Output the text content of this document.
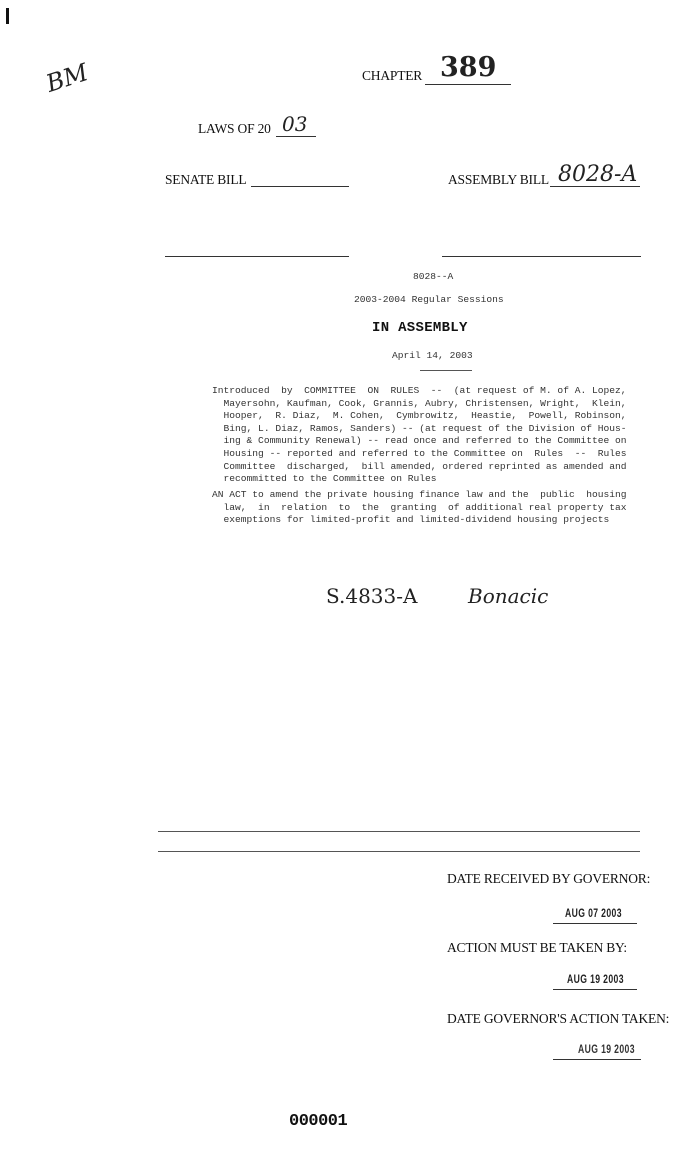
BM	CHAPTER 389
LAWS OF 20 03
SENATE BILL	ASSEMBLY BILL 8028-A
8028--A
2003-2004 Regular Sessions
IN ASSEMBLY
April 14, 2003
Introduced  by  COMMITTEE  ON  RULES  --  (at request of M. of A. Lopez,
Mayersohn, Kaufman, Cook, Grannis, Aubry, Christensen, Wright,  Klein,
Hooper,  R. Diaz,  M. Cohen,  Cymbrowitz,  Heastie,  Powell, Robinson,
Bing, L. Diaz, Ramos, Sanders) -- (at request of the Division of Hous-
ing & Community Renewal) -- read once and referred to the Committee on
Housing -- reported and referred to the Committee on  Rules  --  Rules
Committee  discharged,  bill amended, ordered reprinted as amended and
recommitted to the Committee on Rules
AN ACT to amend the private housing finance law and the  public  housing
law,  in  relation  to  the  granting  of additional real property tax
exemptions for limited-profit and limited-dividend housing projects
S.4833-A	Bonacic
DATE RECEIVED BY GOVERNOR:
AUG 07 2003
ACTION MUST BE TAKEN BY:
AUG 19 2003
DATE GOVERNOR'S ACTION TAKEN:
AUG 19 2003
000001
